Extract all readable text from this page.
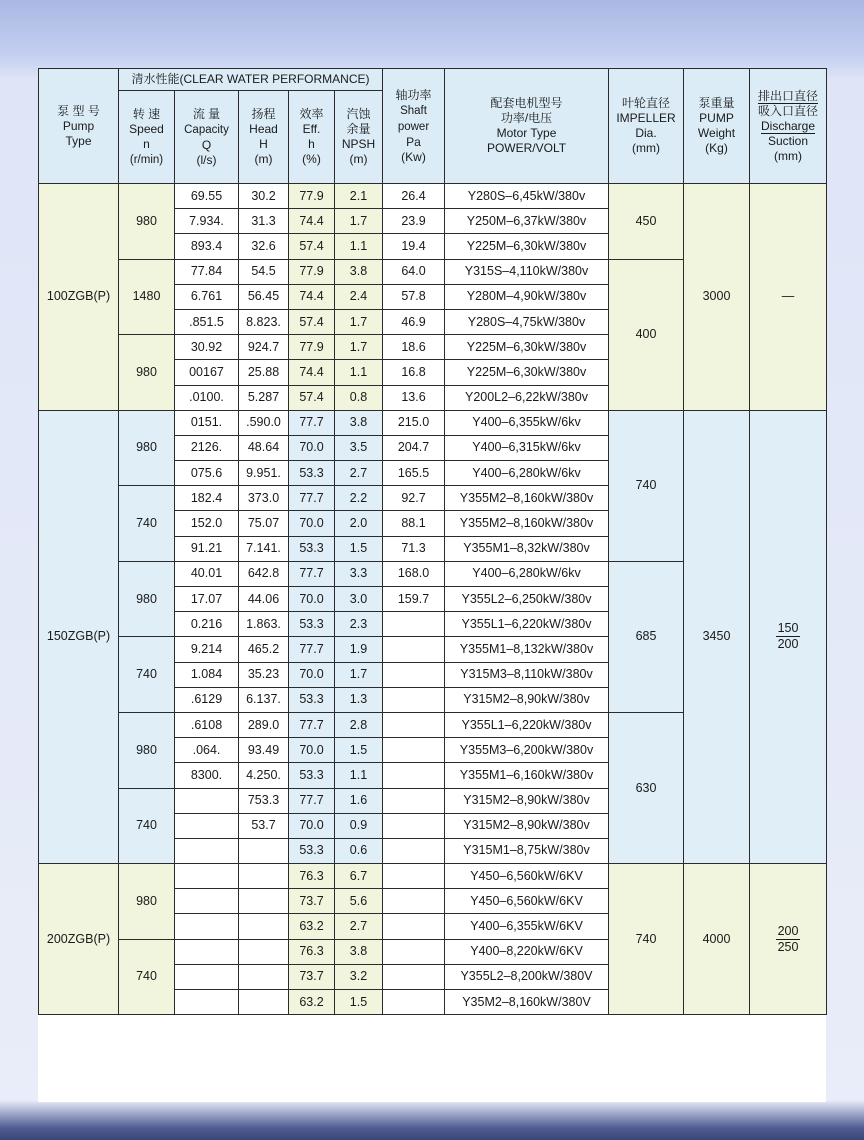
泵 型 号
Pump
Type	清水性能(CLEAR WATER PERFORMANCE)					轴功率
Shaft
power
Pa
(Kw)	配套电机型号
功率/电压
Motor Type
POWER/VOLT	叶轮直径
IMPELLER
Dia.
(mm)	泵重量
PUMP
Weight
(Kg)	排出口直径
吸入口直径
Discharge
Suction
(mm)
	转 速
Speed
n
(r/min)	流 量
Capacity
Q
(l/s)	扬程
Head
H
(m)	效率
Eff.
h
(%)	汽蚀
余量
NPSH
(m)					
100ZGB(P)	980	69.55	30.2	77.9	2.1	26.4	Y280S–6,45kW/380v	450	3000	—
		7.934.	31.3	74.4	1.7	23.9	Y250M–6,37kW/380v			
		893.4	32.6	57.4	1.1	19.4	Y225M–6,30kW/380v			
	1480	77.84	54.5	77.9	3.8	64.0	Y315S–4,110kW/380v	400		
		6.761	56.45	74.4	2.4	57.8	Y280M–4,90kW/380v			
		.851.5	8.823.	57.4	1.7	46.9	Y280S–4,75kW/380v			
	980	30.92	924.7	77.9	1.7	18.6	Y225M–6,30kW/380v			
		00167	25.88	74.4	1.1	16.8	Y225M–6,30kW/380v			
		.0100.	5.287	57.4	0.8	13.6	Y200L2–6,22kW/380v			
150ZGB(P)	980	0151.	.590.0	77.7	3.8	215.0	Y400–6,355kW/6kv	740	3450	$\frac{150}{200}$

		2126.	48.64	70.0	3.5	204.7	Y400–6,315kW/6kv			
		075.6	9.951.	53.3	2.7	165.5	Y400–6,280kW/6kv			
	740	182.4	373.0	77.7	2.2	92.7	Y355M2–8,160kW/380v			
		152.0	75.07	70.0	2.0	88.1	Y355M2–8,160kW/380v			
		91.21	7.141.	53.3	1.5	71.3	Y355M1–8,32kW/380v			
	980	40.01	642.8	77.7	3.3	168.0	Y400–6,280kW/6kv	685		
		17.07	44.06	70.0	3.0	159.7	Y355L2–6,250kW/380v			
		0.216	1.863.	53.3	2.3		Y355L1–6,220kW/380v			
	740	9.214	465.2	77.7	1.9		Y355M1–8,132kW/380v			
		1.084	35.23	70.0	1.7		Y315M3–8,110kW/380v			
		.6129	6.137.	53.3	1.3		Y315M2–8,90kW/380v			
	980	.6108	289.0	77.7	2.8		Y355L1–6,220kW/380v	630		
		.064.	93.49	70.0	1.5		Y355M3–6,200kW/380v			
		8300.	4.250.	53.3	1.1		Y355M1–6,160kW/380v			
	740		753.3	77.7	1.6		Y315M2–8,90kW/380v			
			53.7	70.0	0.9		Y315M2–8,90kW/380v			
				53.3	0.6		Y315M1–8,75kW/380v			
200ZGB(P)	980			76.3	6.7		Y450–6,560kW/6KV	740	4000	$\frac{200}{250}$

				73.7	5.6		Y450–6,560kW/6KV			
				63.2	2.7		Y400–6,355kW/6KV			
	740			76.3	3.8		Y400–8,220kW/6KV			
				73.7	3.2		Y355L2–8,200kW/380V			
				63.2	1.5		Y35M2–8,160kW/380V			
